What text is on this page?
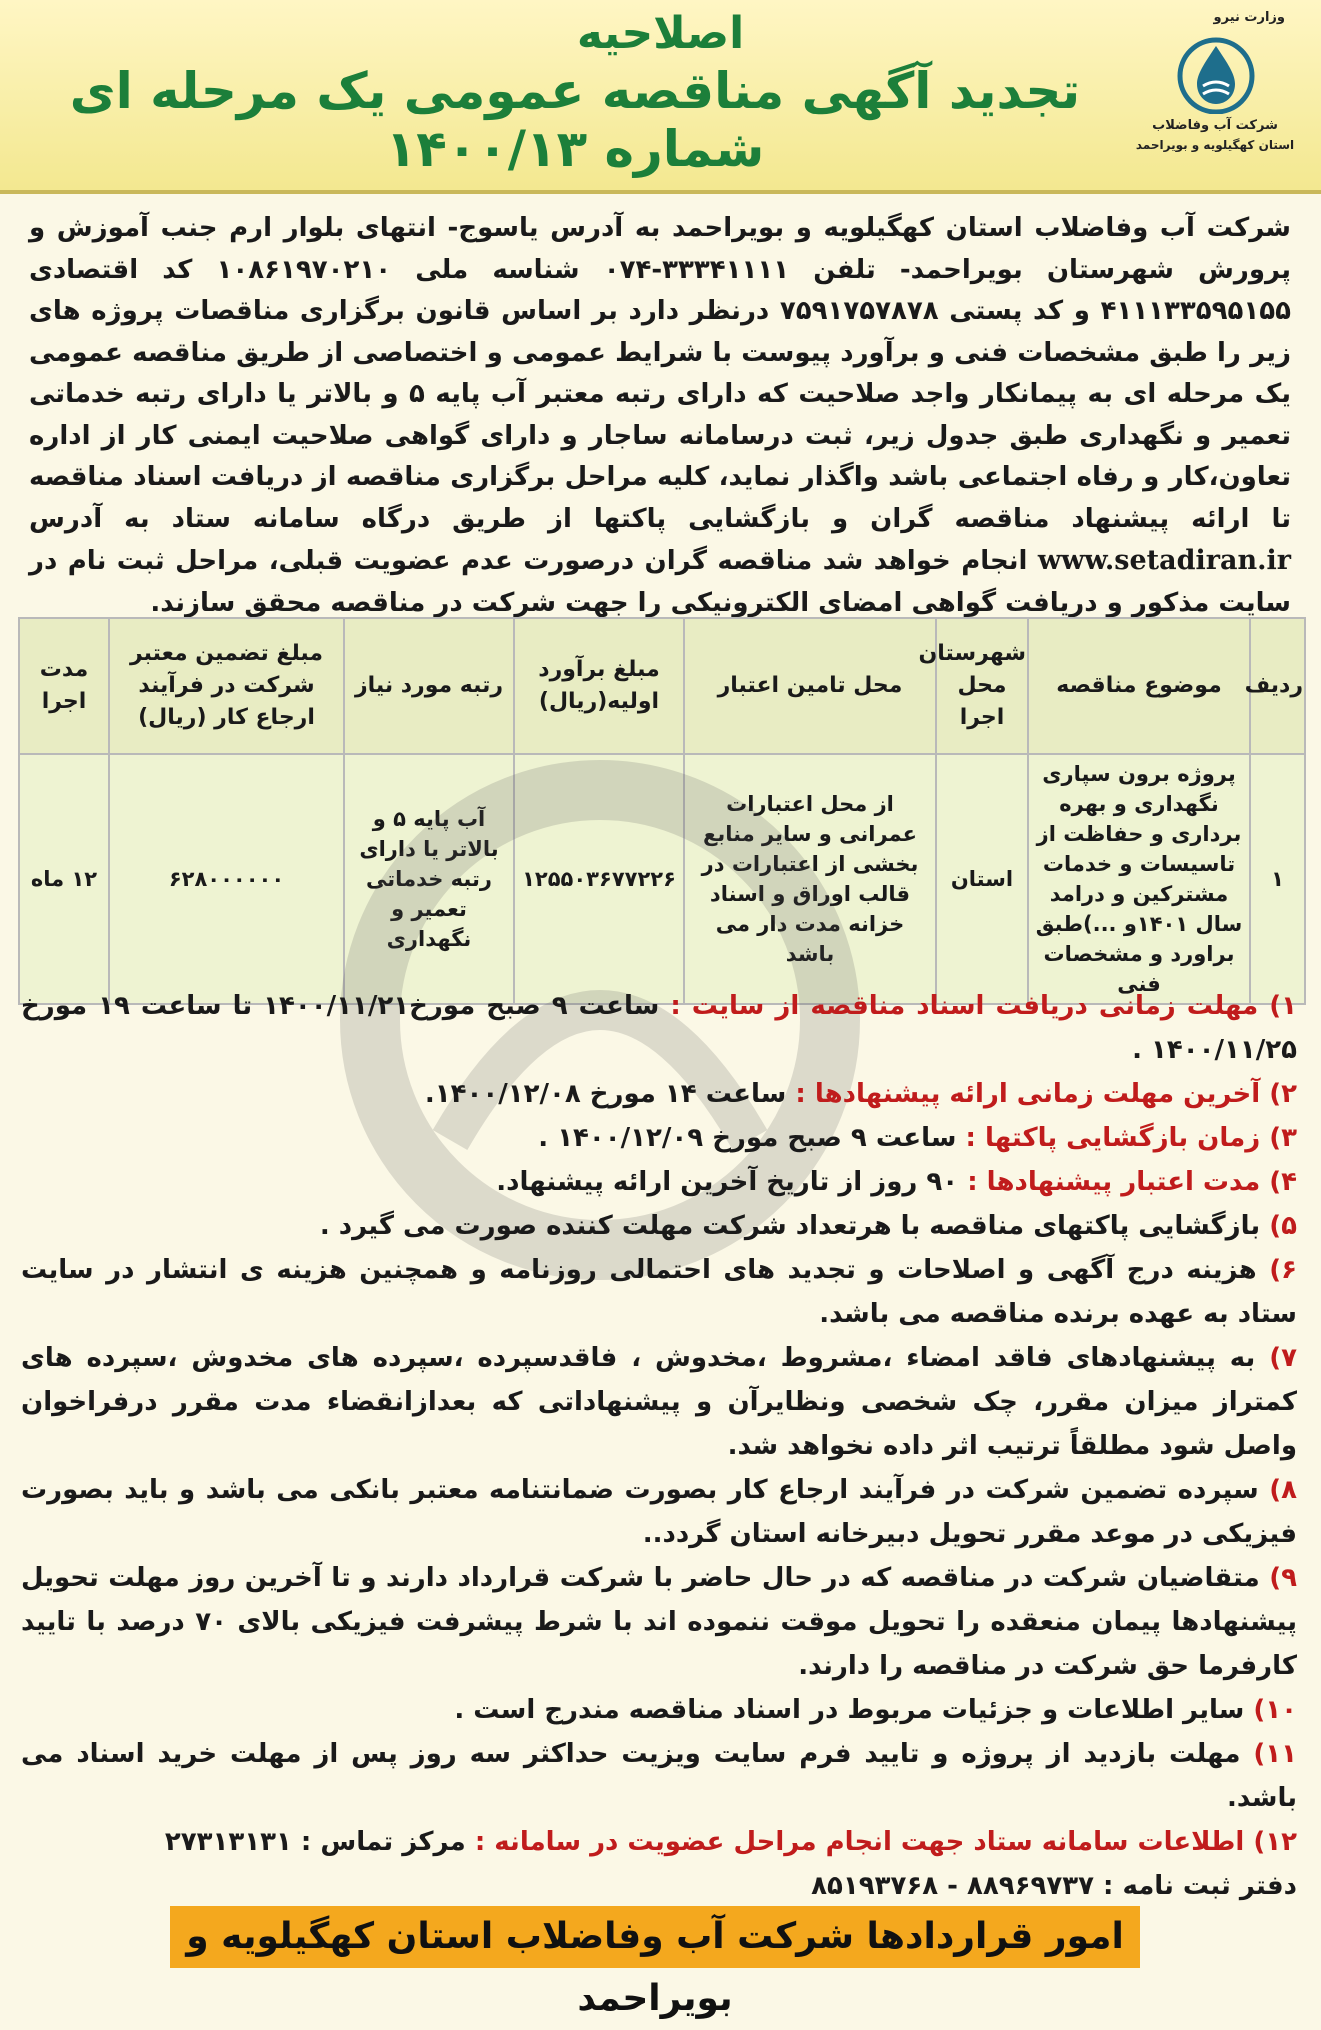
اصلاحیه
تجدید آگهی مناقصه عمومی یک مرحله ای شماره ۱۴۰۰/۱۳
وزارت نیرو
شرکت آب وفاضلاب
استان کهگیلویه و بویراحمد
شرکت آب وفاضلاب استان کهگیلویه و بویراحمد به آدرس یاسوج- انتهای بلوار ارم جنب آموزش و پرورش شهرستان بویراحمد- تلفن ۳۳۳۴۱۱۱۱-۰۷۴ شناسه ملی ۱۰۸۶۱۹۷۰۲۱۰ کد اقتصادی ۴۱۱۱۳۳۵۹۵۱۵۵ و کد پستی ۷۵۹۱۷۵۷۸۷۸ درنظر دارد بر اساس قانون برگزاری مناقصات پروژه های زیر را طبق مشخصات فنی و برآورد پیوست با شرایط عمومی و اختصاصی از طریق مناقصه عمومی یک مرحله ای به پیمانکار واجد صلاحیت که دارای رتبه معتبر آب پایه ۵ و بالاتر یا دارای رتبه خدماتی تعمیر و نگهداری طبق جدول زیر، ثبت درسامانه ساجار و دارای گواهی صلاحیت ایمنی کار از اداره تعاون،کار و رفاه اجتماعی باشد واگذار نماید، کلیه مراحل برگزاری مناقصه از دریافت اسناد مناقصه تا ارائه پیشنهاد مناقصه گران و بازگشایی پاکتها از طریق درگاه سامانه ستاد به آدرس www.setadiran.ir انجام خواهد شد مناقصه گران درصورت عدم عضویت قبلی، مراحل ثبت نام در سایت مذکور و دریافت گواهی امضای الکترونیکی را جهت شرکت در مناقصه محقق سازند.
ردیف	موضوع مناقصه	شهرستان محل اجرا	محل تامین اعتبار	مبلغ برآورد اولیه(ریال)	رتبه مورد نیاز	مبلغ تضمین معتبر شرکت در فرآیند ارجاع کار (ریال)	مدت اجرا
۱	پروژه برون سپاری نگهداری و بهره برداری و حفاظت از تاسیسات و خدمات مشترکین و درامد سال ۱۴۰۱و ...)طبق براورد و مشخصات فنی	استان	از محل اعتبارات عمرانی و سایر منابع بخشی از اعتبارات در قالب اوراق و اسناد خزانه مدت دار می باشد	۱۲۵۵۰۳۶۷۷۲۲۶	آب پایه ۵ و بالاتر یا دارای رتبه خدماتی تعمیر و نگهداری	۶۲۸۰۰۰۰۰۰	۱۲ ماه
۱) مهلت زمانی دریافت اسناد مناقصه از سایت : ساعت ۹ صبح مورخ۱۴۰۰/۱۱/۲۱ تا ساعت ۱۹ مورخ ۱۴۰۰/۱۱/۲۵ .
۲) آخرین مهلت زمانی ارائه پیشنهادها : ساعت ۱۴ مورخ ۱۴۰۰/۱۲/۰۸.
۳) زمان بازگشایی پاکتها : ساعت ۹ صبح مورخ ۱۴۰۰/۱۲/۰۹ .
۴) مدت اعتبار پیشنهادها : ۹۰ روز از تاریخ آخرین ارائه پیشنهاد.
۵) بازگشایی پاکتهای مناقصه با هرتعداد شرکت مهلت کننده صورت می گیرد .
۶) هزینه درج آگهی و اصلاحات و تجدید های احتمالی روزنامه و همچنین هزینه ی انتشار در سایت ستاد به عهده برنده مناقصه می باشد.
۷) به پیشنهادهای فاقد امضاء ،مشروط ،مخدوش ، فاقدسپرده ،سپرده های مخدوش ،سپرده های کمتراز میزان مقرر، چک شخصی ونظایرآن و پیشنهاداتی که بعدازانقضاء مدت مقرر درفراخوان واصل شود مطلقاً ترتیب اثر داده نخواهد شد.
۸) سپرده تضمین شرکت در فرآیند ارجاع کار بصورت ضمانتنامه معتبر بانکی می باشد و باید بصورت فیزیکی در موعد مقرر تحویل دبیرخانه استان گردد..
۹) متقاضیان شرکت در مناقصه که در حال حاضر با شرکت قرارداد دارند و تا آخرین روز مهلت تحویل پیشنهادها پیمان منعقده را تحویل موقت ننموده اند با شرط پیشرفت فیزیکی بالای ۷۰ درصد با تایید کارفرما حق شرکت در مناقصه را دارند.
۱۰) سایر اطلاعات و جزئیات مربوط در اسناد مناقصه مندرج است .
۱۱) مهلت بازدید از پروژه و تایید فرم سایت ویزیت حداکثر سه روز پس از مهلت خرید اسناد می باشد.
۱۲) اطلاعات سامانه ستاد جهت انجام مراحل عضویت در سامانه : مرکز تماس : ۲۷۳۱۳۱۳۱
دفتر ثبت نامه : ۸۸۹۶۹۷۳۷ - ۸۵۱۹۳۷۶۸
امور قراردادها شرکت آب وفاضلاب استان کهگیلویه و بویراحمد
